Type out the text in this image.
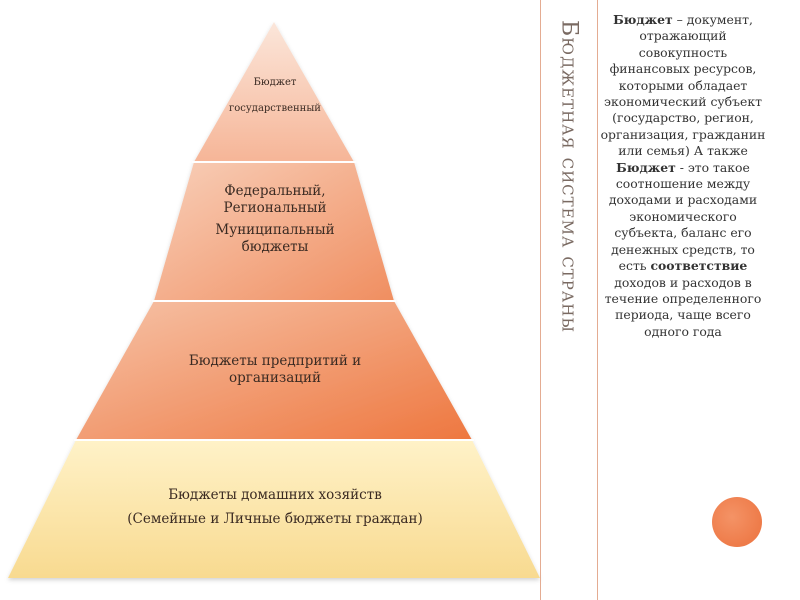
Бюджет
государственный
Федеральный,
Региональный
Муниципальный
бюджеты
Бюджеты предпритий и
организаций
Бюджеты домашних хозяйств
(Семейные и Личные бюджеты граждан)
Бюджетная система страны
Бюджет – документ, отражающий совокупность финансовых ресурсов, которыми обладает экономический субъект (государство, регион, организация, гражданин или семья) А также Бюджет - это такое соотношение между доходами и расходами экономического субъекта, баланс его денежных средств, то есть соответствие доходов и расходов в течение определенного периода, чаще всего одного года
